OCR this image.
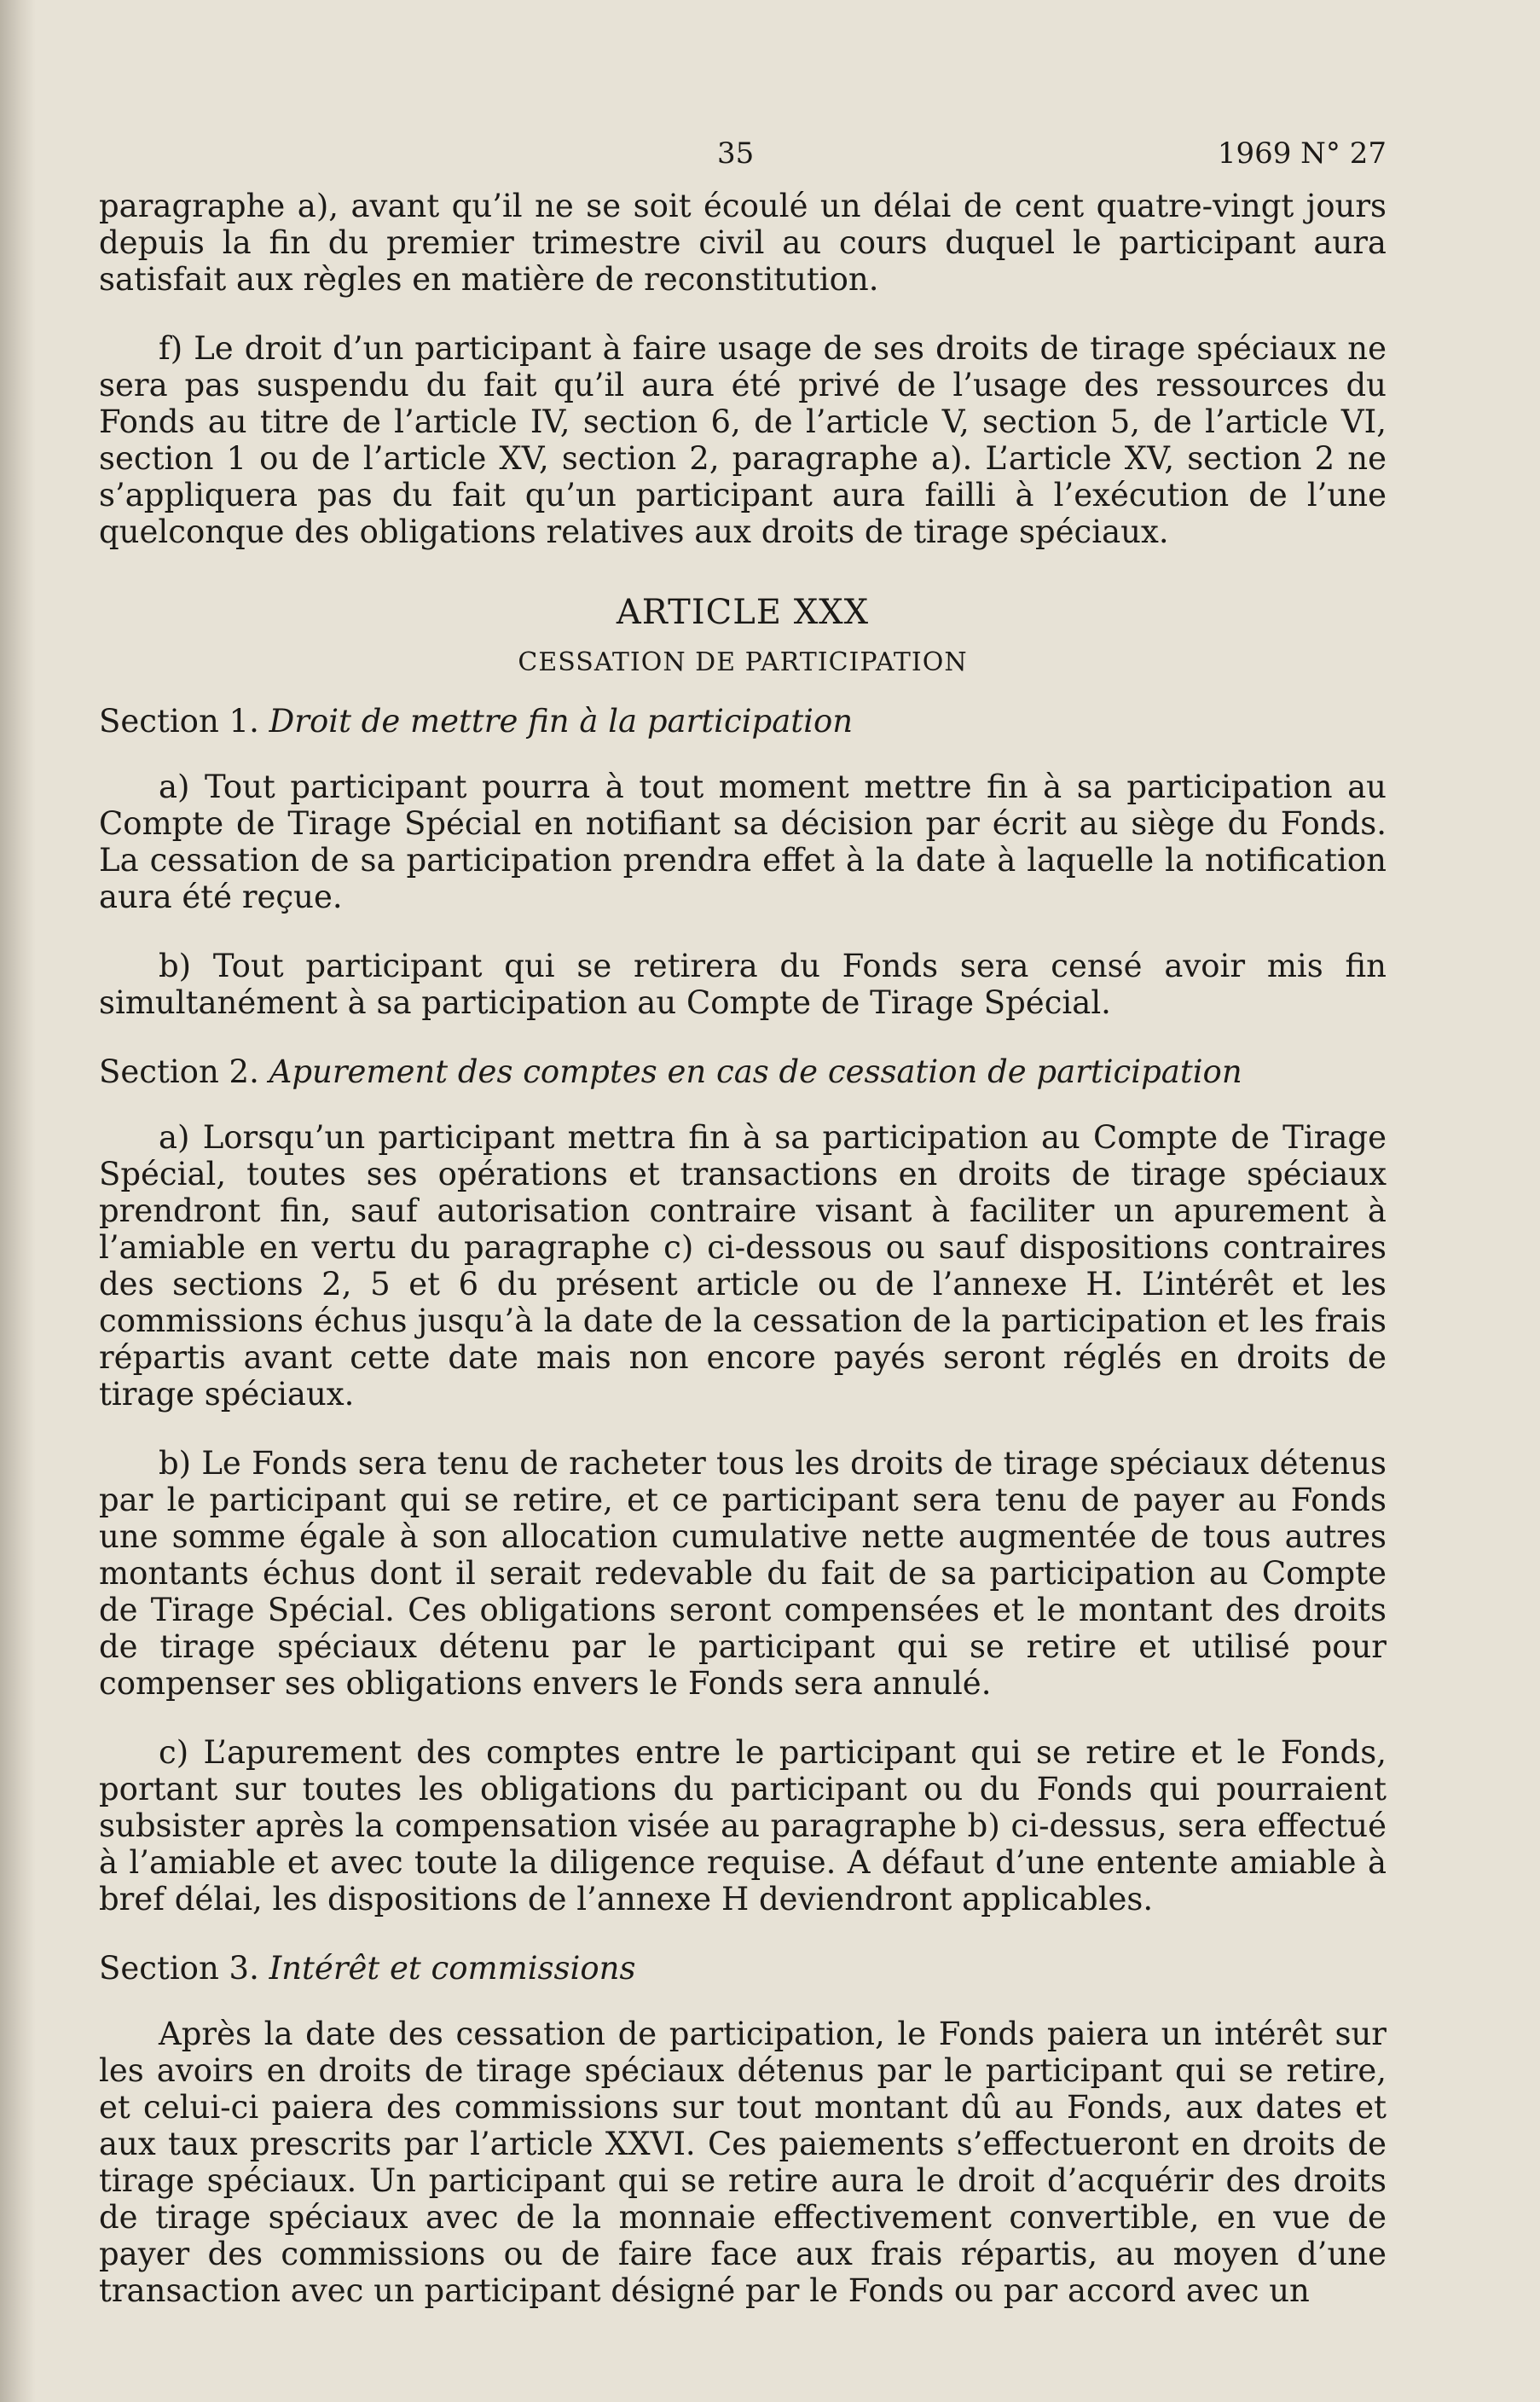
35	1969 N° 27

paragraphe a), avant qu’il ne se soit écoulé un délai de cent quatre-vingt jours depuis la fin du premier trimestre civil au cours duquel le participant aura satisfait aux règles en matière de reconstitution.

f) Le droit d’un participant à faire usage de ses droits de tirage spéciaux ne sera pas suspendu du fait qu’il aura été privé de l’usage des ressources du Fonds au titre de l’article IV, section 6, de l’article V, section 5, de l’article VI, section 1 ou de l’article XV, section 2, paragraphe a). L’article XV, section 2 ne s’appliquera pas du fait qu’un participant aura failli à l’exécution de l’une quelconque des obligations relatives aux droits de tirage spéciaux.

ARTICLE XXX
CESSATION DE PARTICIPATION
Section 1. Droit de mettre fin à la participation

a) Tout participant pourra à tout moment mettre fin à sa participation au Compte de Tirage Spécial en notifiant sa décision par écrit au siège du Fonds. La cessation de sa participation prendra effet à la date à laquelle la notification aura été reçue.

b) Tout participant qui se retirera du Fonds sera censé avoir mis fin simultanément à sa participation au Compte de Tirage Spécial.

Section 2. Apurement des comptes en cas de cessation de participation

a) Lorsqu’un participant mettra fin à sa participation au Compte de Tirage Spécial, toutes ses opérations et transactions en droits de tirage spéciaux prendront fin, sauf autorisation contraire visant à faciliter un apurement à l’amiable en vertu du paragraphe c) ci-dessous ou sauf dispositions contraires des sections 2, 5 et 6 du présent article ou de l’annexe H. L’intérêt et les commissions échus jusqu’à la date de la cessation de la participation et les frais répartis avant cette date mais non encore payés seront réglés en droits de tirage spéciaux.

b) Le Fonds sera tenu de racheter tous les droits de tirage spéciaux détenus par le participant qui se retire, et ce participant sera tenu de payer au Fonds une somme égale à son allocation cumulative nette augmentée de tous autres montants échus dont il serait redevable du fait de sa participation au Compte de Tirage Spécial. Ces obligations seront compensées et le montant des droits de tirage spéciaux détenu par le participant qui se retire et utilisé pour compenser ses obligations envers le Fonds sera annulé.

c) L’apurement des comptes entre le participant qui se retire et le Fonds, portant sur toutes les obligations du participant ou du Fonds qui pourraient subsister après la compensation visée au paragraphe b) ci-dessus, sera effectué à l’amiable et avec toute la diligence requise. A défaut d’une entente amiable à bref délai, les dispositions de l’annexe H deviendront applicables.

Section 3. Intérêt et commissions

Après la date des cessation de participation, le Fonds paiera un intérêt sur les avoirs en droits de tirage spéciaux détenus par le participant qui se retire, et celui-ci paiera des commissions sur tout montant dû au Fonds, aux dates et aux taux prescrits par l’article XXVI. Ces paiements s’effectueront en droits de tirage spéciaux. Un participant qui se retire aura le droit d’acquérir des droits de tirage spéciaux avec de la monnaie effectivement convertible, en vue de payer des commissions ou de faire face aux frais répartis, au moyen d’une transaction avec un participant désigné par le Fonds ou par accord avec un
